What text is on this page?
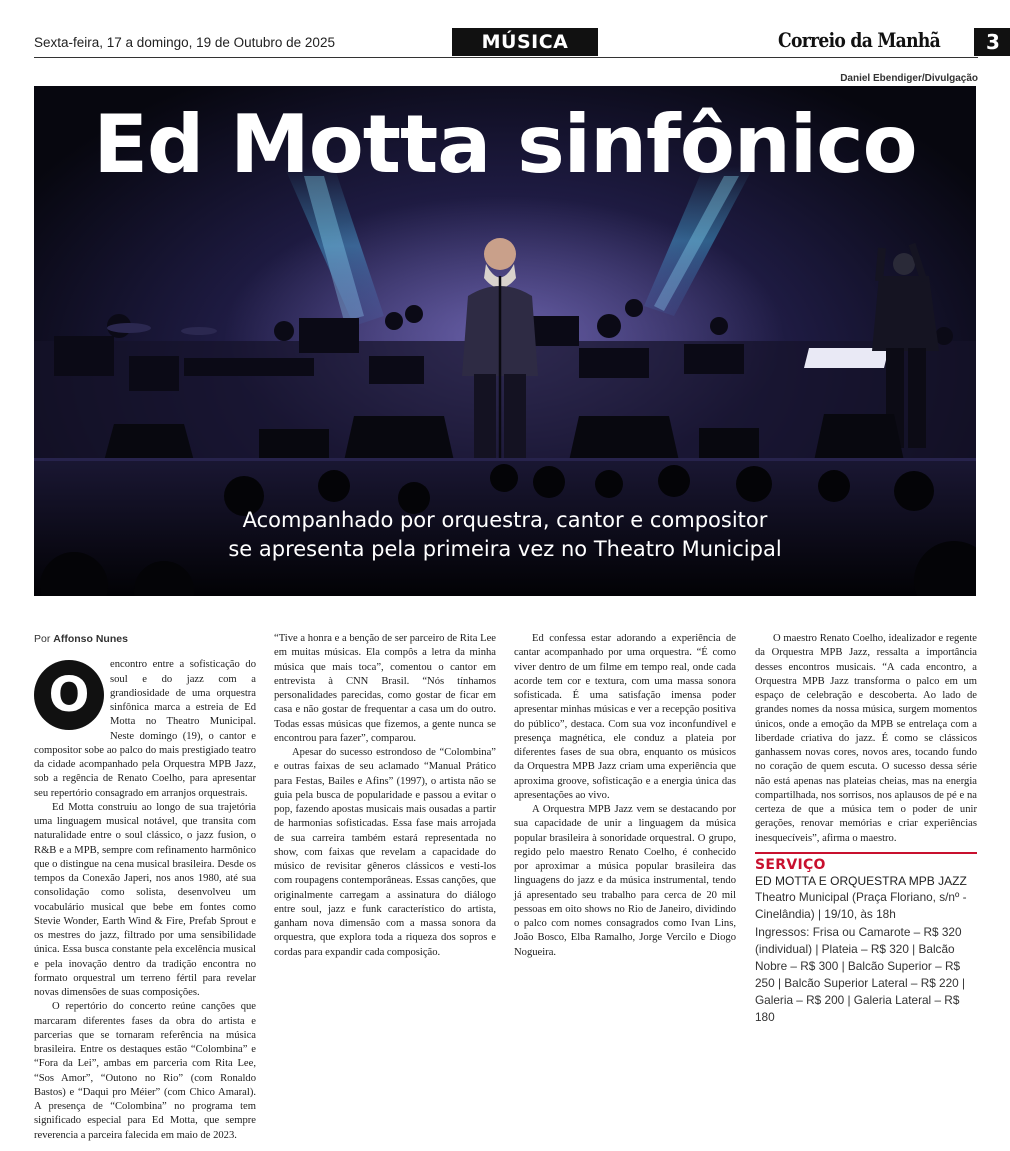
Sexta-feira, 17 a domingo, 19 de Outubro de 2025	MÚSICA	Correio da Manhã	3
Daniel Ebendiger/Divulgação
Ed Motta sinfônico
Acompanhado por orquestra, cantor e compositor
se apresenta pela primeira vez no Theatro Municipal
Por Affonso Nunes
O

encontro entre a sofisticação do soul e do jazz com a grandiosidade de uma orquestra sinfônica marca a estreia de Ed Motta no Theatro Municipal. Neste domingo (19), o cantor e compositor sobe ao palco do mais prestigiado teatro da cidade acompanhado pela Orquestra MPB Jazz, sob a regência de Renato Coelho, para apresentar seu repertório consagrado em arranjos orquestrais.

Ed Motta construiu ao longo de sua trajetória uma linguagem musical notável, que transita com naturalidade entre o soul clássico, o jazz fusion, o R&B e a MPB, sempre com refinamento harmônico que o distingue na cena musical brasileira. Desde os tempos da Conexão Japeri, nos anos 1980, até sua consolidação como solista, desenvolveu um vocabulário musical que bebe em fontes como Stevie Wonder, Earth Wind & Fire, Prefab Sprout e os mestres do jazz, filtrado por uma sensibilidade única. Essa busca constante pela excelência musical e pela inovação dentro da tradição encontra no formato orquestral um terreno fértil para revelar novas dimensões de suas composições.

O repertório do concerto reúne canções que marcaram diferentes fases da obra do artista e parcerias que se tornaram referência na música brasileira. Entre os destaques estão “Colombina” e “Fora da Lei”, ambas em parceria com Rita Lee, “Sos Amor”, “Outono no Rio” (com Ronaldo Bastos) e “Daqui pro Méier” (com Chico Amaral). A presença de “Colombina” no programa tem significado especial para Ed Motta, que sempre reverencia a parceira falecida em maio de 2023.

“Tive a honra e a benção de ser parceiro de Rita Lee em muitas músicas. Ela compôs a letra da minha música que mais toca”, comentou o cantor em entrevista à CNN Brasil. “Nós tínhamos personalidades parecidas, como gostar de ficar em casa e não gostar de frequentar a casa um do outro. Todas essas músicas que fizemos, a gente nunca se encontrou para fazer”, comparou.

Apesar do sucesso estrondoso de “Colombina” e outras faixas de seu aclamado “Manual Prático para Festas, Bailes e Afins” (1997), o artista não se guia pela busca de popularidade e passou a evitar o pop, fazendo apostas musicais mais ousadas a partir de harmonias sofisticadas. Essa fase mais arrojada de sua carreira também estará representada no show, com faixas que revelam a capacidade do músico de revisitar gêneros clássicos e vesti-los com roupagens contemporâneas. Essas canções, que originalmente carregam a assinatura do diálogo entre soul, jazz e funk característico do artista, ganham nova dimensão com a massa sonora da orquestra, que explora toda a riqueza dos sopros e cordas para expandir cada composição.

Ed confessa estar adorando a experiência de cantar acompanhado por uma orquestra. “É como viver dentro de um filme em tempo real, onde cada acorde tem cor e textura, com uma massa sonora sofisticada. É uma satisfação imensa poder apresentar minhas músicas e ver a recepção positiva do público”, destaca. Com sua voz inconfundível e presença magnética, ele conduz a plateia por diferentes fases de sua obra, enquanto os músicos da Orquestra MPB Jazz criam uma experiência que aproxima groove, sofisticação e a energia única das apresentações ao vivo.

A Orquestra MPB Jazz vem se destacando por sua capacidade de unir a linguagem da música popular brasileira à sonoridade orquestral. O grupo, regido pelo maestro Renato Coelho, é conhecido por aproximar a música popular brasileira das linguagens do jazz e da música instrumental, tendo já apresentado seu trabalho para cerca de 20 mil pessoas em oito shows no Rio de Janeiro, dividindo o palco com nomes consagrados como Ivan Lins, João Bosco, Elba Ramalho, Jorge Vercilo e Diogo Nogueira.

O maestro Renato Coelho, idealizador e regente da Orquestra MPB Jazz, ressalta a importância desses encontros musicais. “A cada encontro, a Orquestra MPB Jazz transforma o palco em um espaço de celebração e descoberta. Ao lado de grandes nomes da nossa música, surgem momentos únicos, onde a emoção da MPB se entrelaça com a liberdade criativa do jazz. É como se clássicos ganhassem novas cores, novos ares, tocando fundo no coração de quem escuta. O sucesso dessa série não está apenas nas plateias cheias, mas na energia compartilhada, nos sorrisos, nos aplausos de pé e na certeza de que a música tem o poder de unir gerações, renovar memórias e criar experiências inesquecíveis”, afirma o maestro.

SERVIÇO
ED MOTTA E ORQUESTRA MPB JAZZ
Theatro Municipal (Praça Floriano, s/nº - Cinelândia) | 19/10, às 18h
Ingressos: Frisa ou Camarote – R$ 320 (individual) | Plateia – R$ 320 | Balcão Nobre – R$ 300 | Balcão Superior – R$ 250 | Balcão Superior Lateral – R$ 220 | Galeria – R$ 200 | Galeria Lateral – R$ 180
